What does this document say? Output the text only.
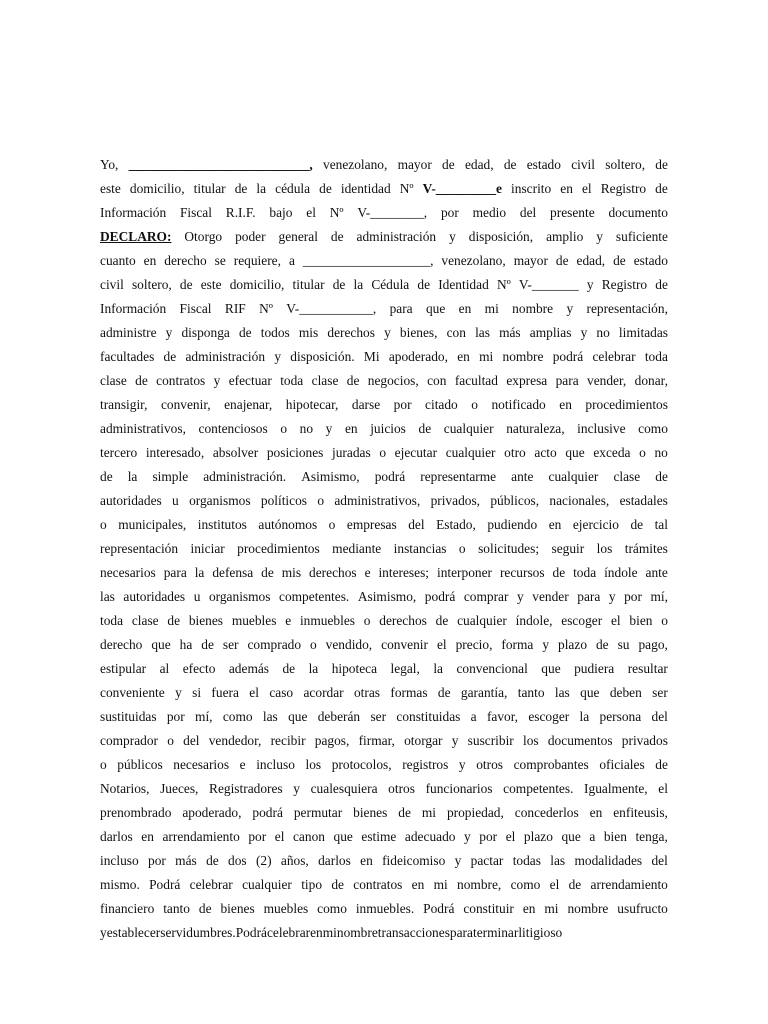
Yo, ___________________________, venezolano, mayor de edad, de estado civil soltero, de
este domicilio, titular de la cédula de identidad Nº V-_________e inscrito en el Registro de
Información Fiscal R.I.F. bajo el Nº V-________, por medio del presente documento
DECLARO: Otorgo poder general de administración y disposición, amplio y suficiente
cuanto en derecho se requiere, a ___________________, venezolano, mayor de edad, de estado
civil soltero, de este domicilio, titular de la Cédula de Identidad Nº V-_______ y Registro de
Información Fiscal RIF Nº V-___________, para que en mi nombre y representación,
administre y disponga de todos mis derechos y bienes, con las más amplias y no limitadas
facultades de administración y disposición. Mi apoderado, en mi nombre podrá celebrar toda
clase de contratos y efectuar toda clase de negocios, con facultad expresa para vender, donar,
transigir, convenir, enajenar, hipotecar, darse por citado o notificado en procedimientos
administrativos, contenciosos o no y en juicios de cualquier naturaleza, inclusive como
tercero interesado, absolver posiciones juradas o ejecutar cualquier otro acto que exceda o no
de la simple administración. Asimismo, podrá representarme ante cualquier clase de
autoridades u organismos políticos o administrativos, privados, públicos, nacionales, estadales
o municipales, institutos autónomos o empresas del Estado, pudiendo en ejercicio de tal
representación iniciar procedimientos mediante instancias o solicitudes; seguir los trámites
necesarios para la defensa de mis derechos e intereses; interponer recursos de toda índole ante
las autoridades u organismos competentes. Asimismo, podrá comprar y vender para y por mí,
toda clase de bienes muebles e inmuebles o derechos de cualquier índole, escoger el bien o
derecho que ha de ser comprado o vendido, convenir el precio, forma y plazo de su pago,
estipular al efecto además de la hipoteca legal, la convencional que pudiera resultar
conveniente y si fuera el caso acordar otras formas de garantía, tanto las que deben ser
sustituidas por mí, como las que deberán ser constituidas a favor, escoger la persona del
comprador o del vendedor, recibir pagos, firmar, otorgar y suscribir los documentos privados
o públicos necesarios e incluso los protocolos, registros y otros comprobantes oficiales de
Notarios, Jueces, Registradores y cualesquiera otros funcionarios competentes. Igualmente, el
prenombrado apoderado, podrá permutar bienes de mi propiedad, concederlos en enfiteusis,
darlos en arrendamiento por el canon que estime adecuado y por el plazo que a bien tenga,
incluso por más de dos (2) años, darlos en fideicomiso y pactar todas las modalidades del
mismo. Podrá celebrar cualquier tipo de contratos en mi nombre, como el de arrendamiento
financiero tanto de bienes muebles como inmuebles. Podrá constituir en mi nombre usufructo
y establecer servidumbres. Podrá celebrar en mi nombre transacciones para terminar litigios o
